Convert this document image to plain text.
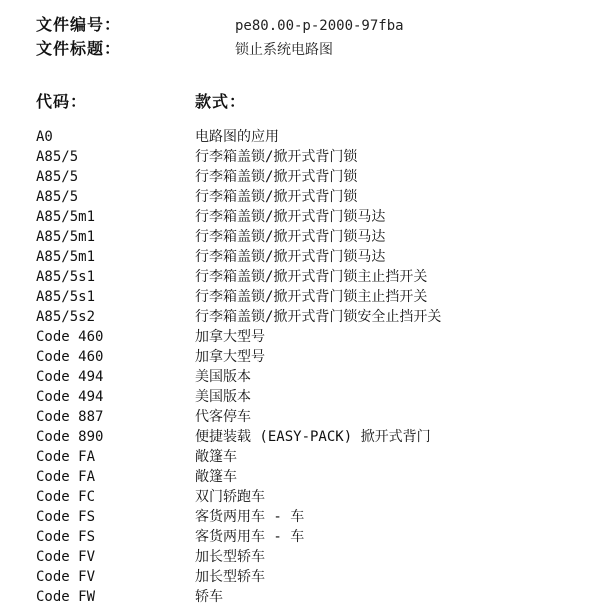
文件编号：	pe80.00-p-2000-97fba
文件标题：	锁止系统电路图
代码：	款式：
A0	电路图的应用
A85/5	行李箱盖锁/掀开式背门锁
A85/5	行李箱盖锁/掀开式背门锁
A85/5	行李箱盖锁/掀开式背门锁
A85/5m1	行李箱盖锁/掀开式背门锁马达
A85/5m1	行李箱盖锁/掀开式背门锁马达
A85/5m1	行李箱盖锁/掀开式背门锁马达
A85/5s1	行李箱盖锁/掀开式背门锁主止挡开关
A85/5s1	行李箱盖锁/掀开式背门锁主止挡开关
A85/5s2	行李箱盖锁/掀开式背门锁安全止挡开关
Code 460	加拿大型号
Code 460	加拿大型号
Code 494	美国版本
Code 494	美国版本
Code 887	代客停车
Code 890	便捷装载 (EASY-PACK) 掀开式背门
Code FA	敞篷车
Code FA	敞篷车
Code FC	双门轿跑车
Code FS	客货两用车 - 车
Code FS	客货两用车 - 车
Code FV	加长型轿车
Code FV	加长型轿车
Code FW	轿车
